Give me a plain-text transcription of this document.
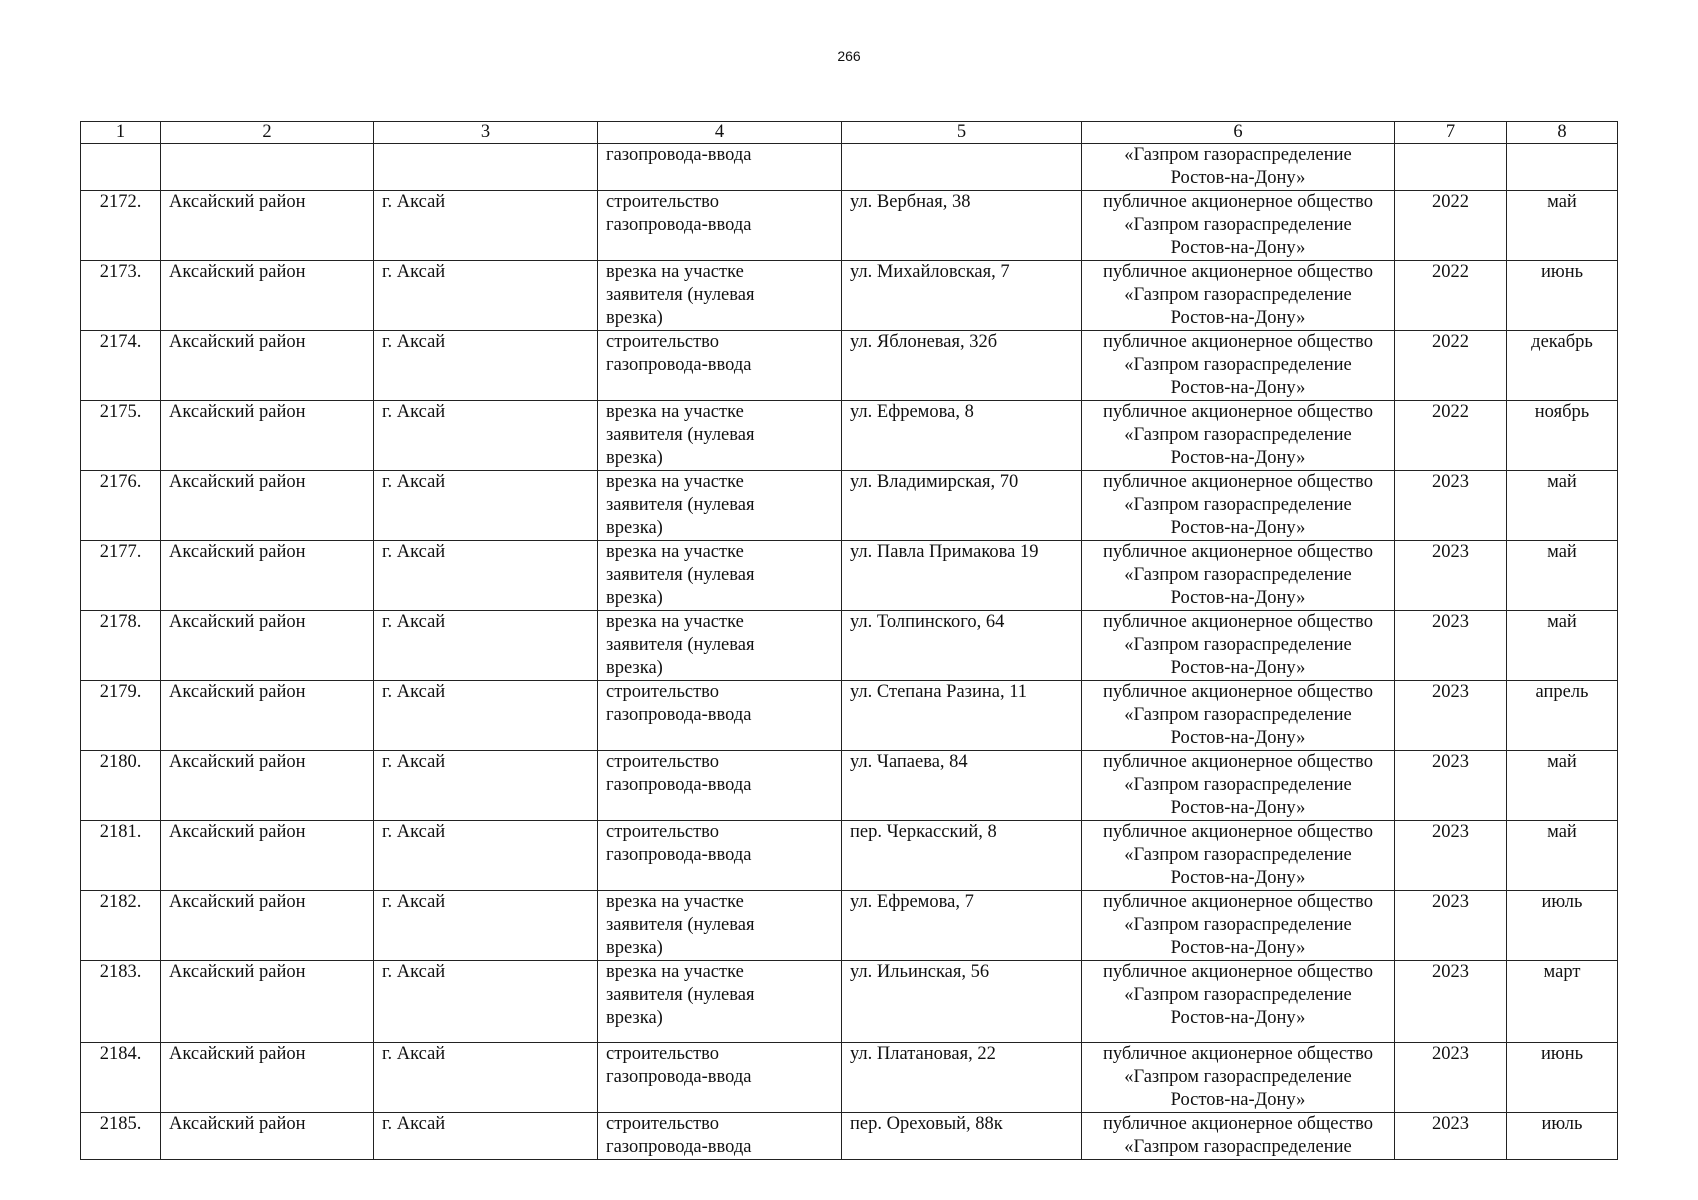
266
1	2	3	4	5	6	7	8

			газопровода-ввода		«Газпром газораспределение
Ростов-на-Дону»		

2172.	Аксайский район	г. Аксай	строительство
газопровода-ввода	ул. Вербная, 38	публичное акционерное общество
«Газпром газораспределение
Ростов-на-Дону»	2022	май
2173.	Аксайский район	г. Аксай	врезка на участке
заявителя (нулевая
врезка)	ул. Михайловская, 7	публичное акционерное общество
«Газпром газораспределение
Ростов-на-Дону»	2022	июнь
2174.	Аксайский район	г. Аксай	строительство
газопровода-ввода	ул. Яблоневая, 32б	публичное акционерное общество
«Газпром газораспределение
Ростов-на-Дону»	2022	декабрь
2175.	Аксайский район	г. Аксай	врезка на участке
заявителя (нулевая
врезка)	ул. Ефремова, 8	публичное акционерное общество
«Газпром газораспределение
Ростов-на-Дону»	2022	ноябрь
2176.	Аксайский район	г. Аксай	врезка на участке
заявителя (нулевая
врезка)	ул. Владимирская, 70	публичное акционерное общество
«Газпром газораспределение
Ростов-на-Дону»	2023	май
2177.	Аксайский район	г. Аксай	врезка на участке
заявителя (нулевая
врезка)	ул. Павла Примакова 19	публичное акционерное общество
«Газпром газораспределение
Ростов-на-Дону»	2023	май
2178.	Аксайский район	г. Аксай	врезка на участке
заявителя (нулевая
врезка)	ул. Толпинского, 64	публичное акционерное общество
«Газпром газораспределение
Ростов-на-Дону»	2023	май
2179.	Аксайский район	г. Аксай	строительство
газопровода-ввода	ул. Степана Разина, 11	публичное акционерное общество
«Газпром газораспределение
Ростов-на-Дону»	2023	апрель
2180.	Аксайский район	г. Аксай	строительство
газопровода-ввода	ул. Чапаева, 84	публичное акционерное общество
«Газпром газораспределение
Ростов-на-Дону»	2023	май
2181.	Аксайский район	г. Аксай	строительство
газопровода-ввода	пер. Черкасский, 8	публичное акционерное общество
«Газпром газораспределение
Ростов-на-Дону»	2023	май
2182.	Аксайский район	г. Аксай	врезка на участке
заявителя (нулевая
врезка)	ул. Ефремова, 7	публичное акционерное общество
«Газпром газораспределение
Ростов-на-Дону»	2023	июль
2183.	Аксайский район	г. Аксай	врезка на участке
заявителя (нулевая
врезка)	ул. Ильинская, 56	публичное акционерное общество
«Газпром газораспределение
Ростов-на-Дону»	2023	март
2184.	Аксайский район	г. Аксай	строительство
газопровода-ввода	ул. Платановая, 22	публичное акционерное общество
«Газпром газораспределение
Ростов-на-Дону»	2023	июнь
2185.	Аксайский район	г. Аксай	строительство
газопровода-ввода	пер. Ореховый, 88к	публичное акционерное общество
«Газпром газораспределение	2023	июль
